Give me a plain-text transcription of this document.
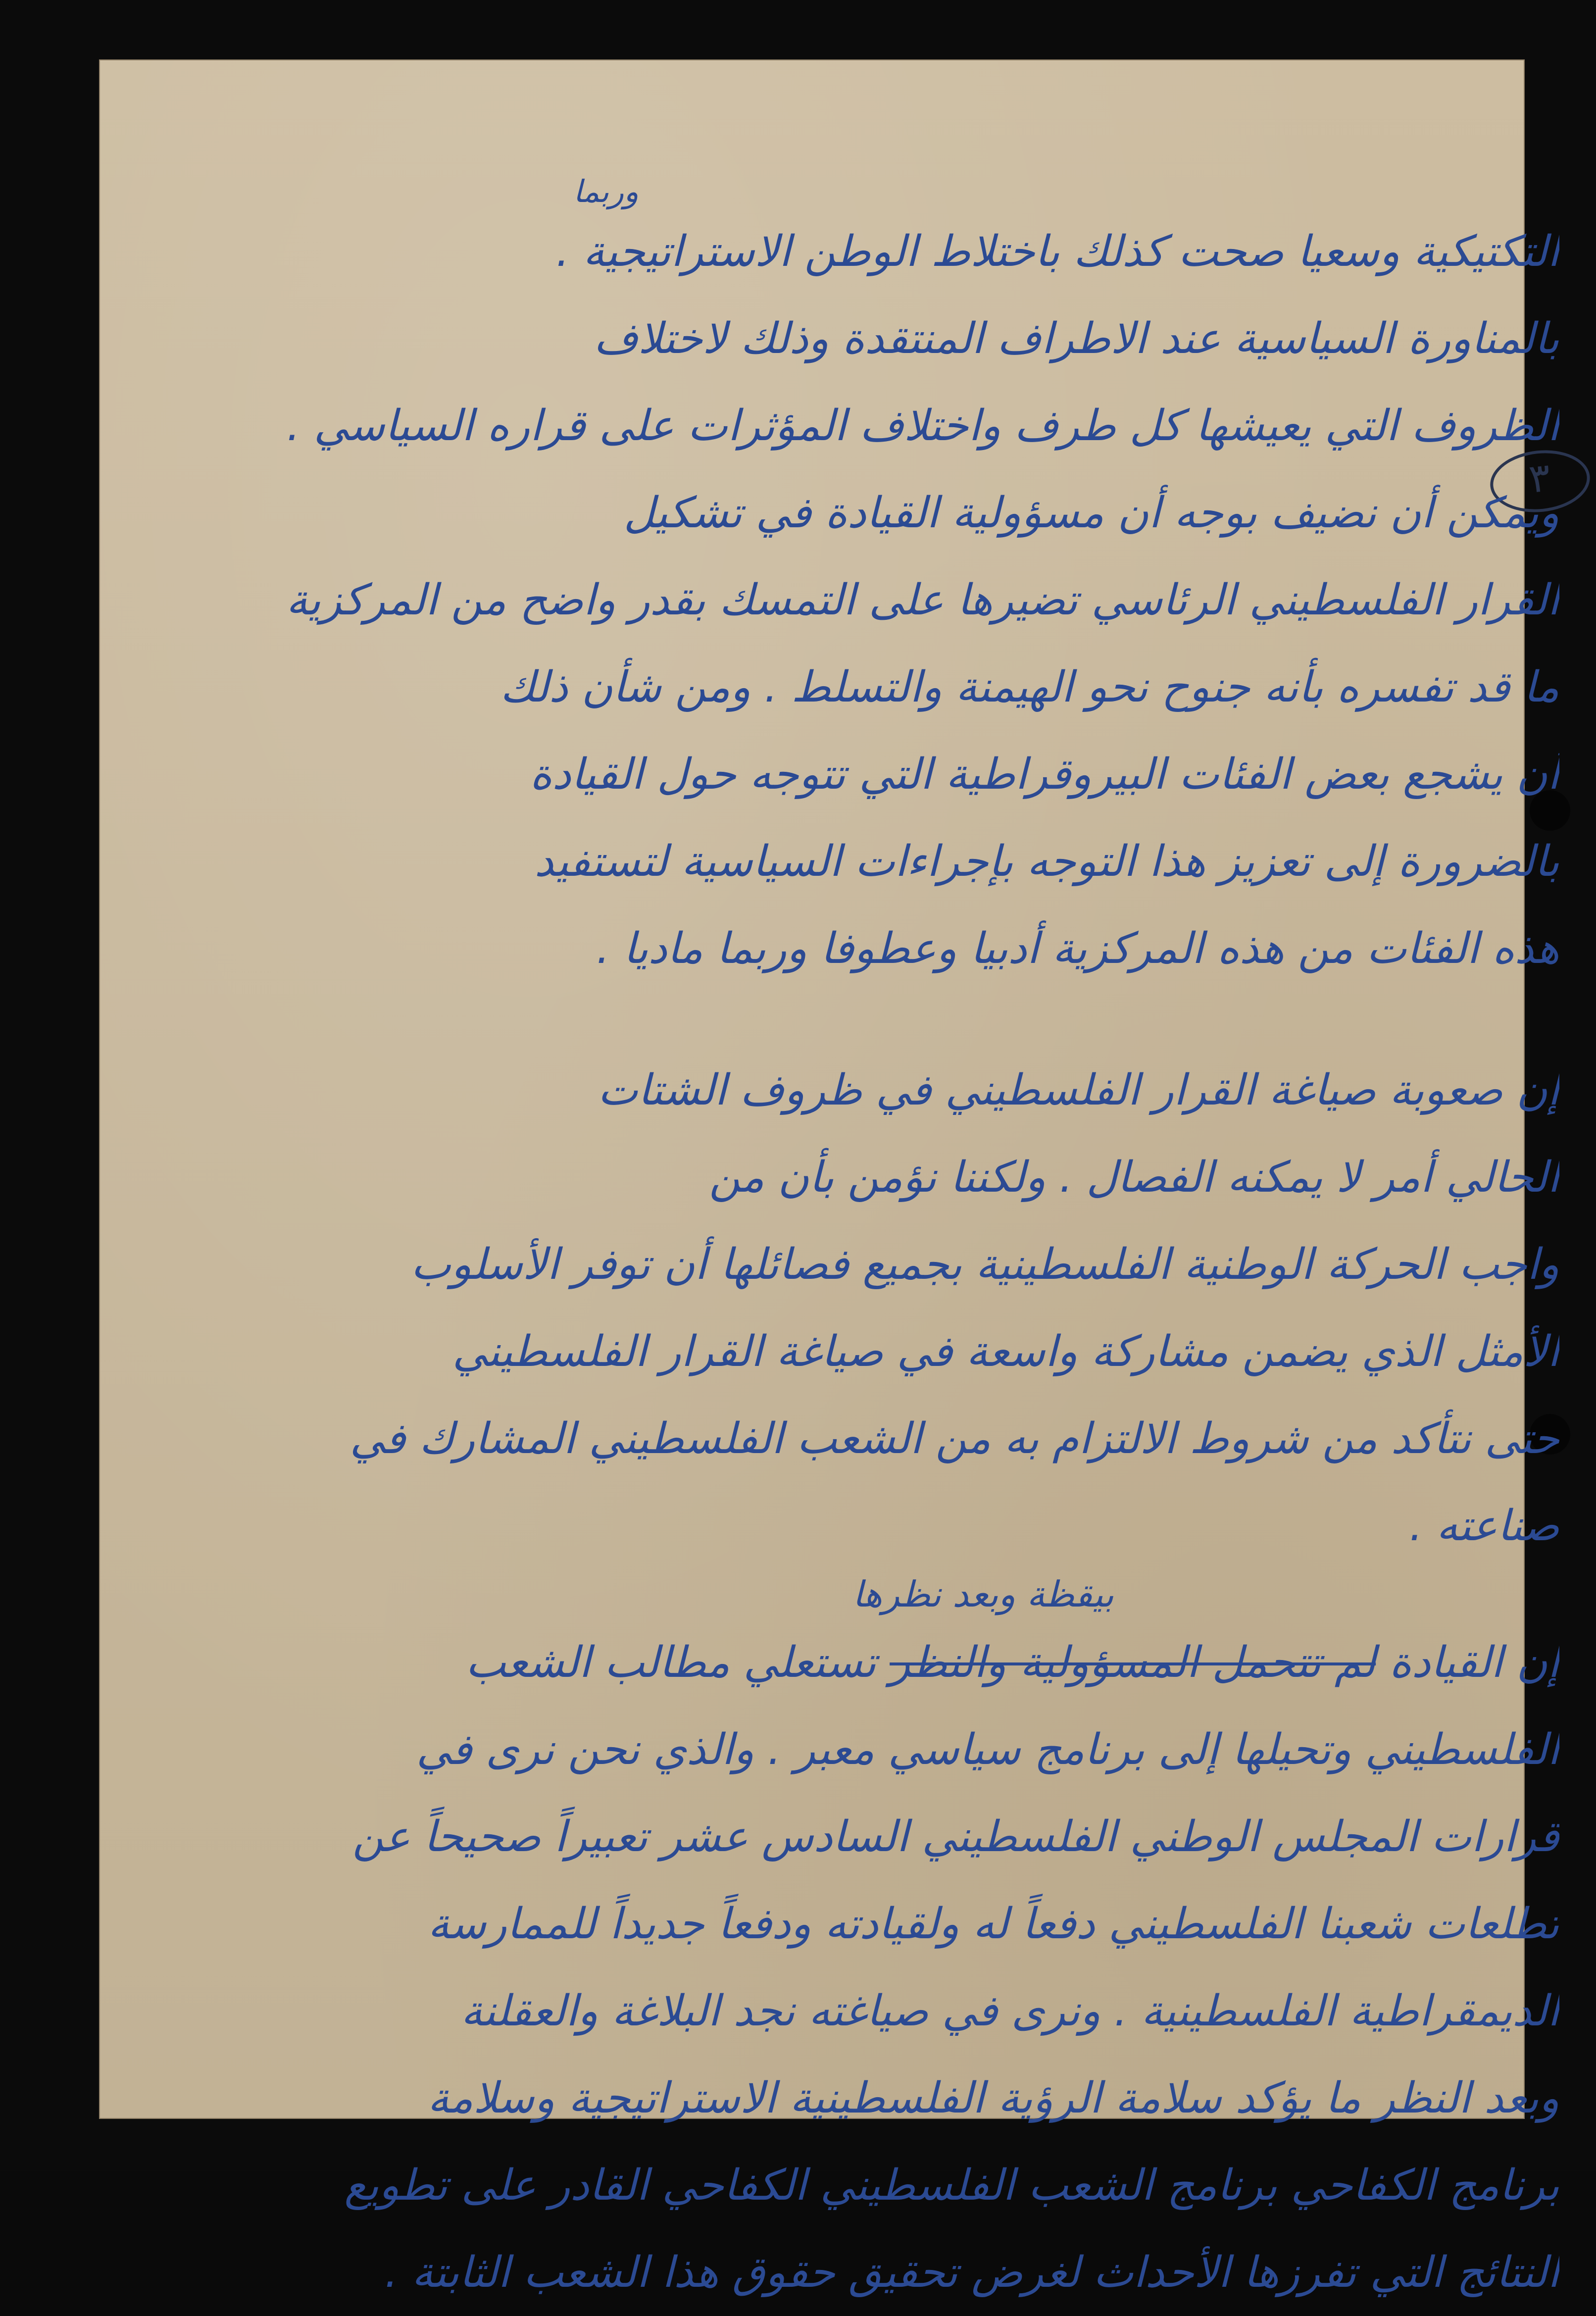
٣
وربما
التكتيكية وسعيا صحت كذلك باختلاط الوطن الاستراتيجية .
بالمناورة السياسية عند الاطراف المنتقدة وذلك لاختلاف
الظروف التي يعيشها كل طرف واختلاف المؤثرات على قراره السياسي .
ويمكن أن نضيف بوجه أن مسؤولية القيادة في تشكيل
القرار الفلسطيني الرئاسي تضيرها على التمسك بقدر واضح من المركزية
ما قد تفسره بأنه جنوح نحو الهيمنة والتسلط . ومن شأن ذلك
أن يشجع بعض الفئات البيروقراطية التي تتوجه حول القيادة
بالضرورة إلى تعزيز هذا التوجه بإجراءات السياسية لتستفيد
هذه الفئات من هذه المركزية أدبيا وعطوفا وربما ماديا .
إن صعوبة صياغة القرار الفلسطيني في ظروف الشتات
الحالي أمر لا يمكنه الفصال . ولكننا نؤمن بأن من
واجب الحركة الوطنية الفلسطينية بجميع فصائلها أن توفر الأسلوب
الأمثل الذي يضمن مشاركة واسعة في صياغة القرار الفلسطيني
حتى نتأكد من شروط الالتزام به من الشعب الفلسطيني المشارك في
صناعته .
بيقظة وبعد نظرها
إن القيادة لم تتحمل المسؤولية والنظر تستعلي مطالب الشعب
الفلسطيني وتحيلها إلى برنامج سياسي معبر . والذي نحن نرى في
قرارات المجلس الوطني الفلسطيني السادس عشر تعبيراً صحيحاً عن
تطلعات شعبنا الفلسطيني دفعاً له ولقيادته ودفعاً جديداً للممارسة
الديمقراطية الفلسطينية . ونرى في صياغته نجد البلاغة والعقلنة
وبعد النظر ما يؤكد سلامة الرؤية الفلسطينية الاستراتيجية وسلامة
برنامج الكفاحي برنامج الشعب الفلسطيني الكفاحي القادر على تطويع
النتائج التي تفرزها الأحداث لغرض تحقيق حقوق هذا الشعب الثابتة .
